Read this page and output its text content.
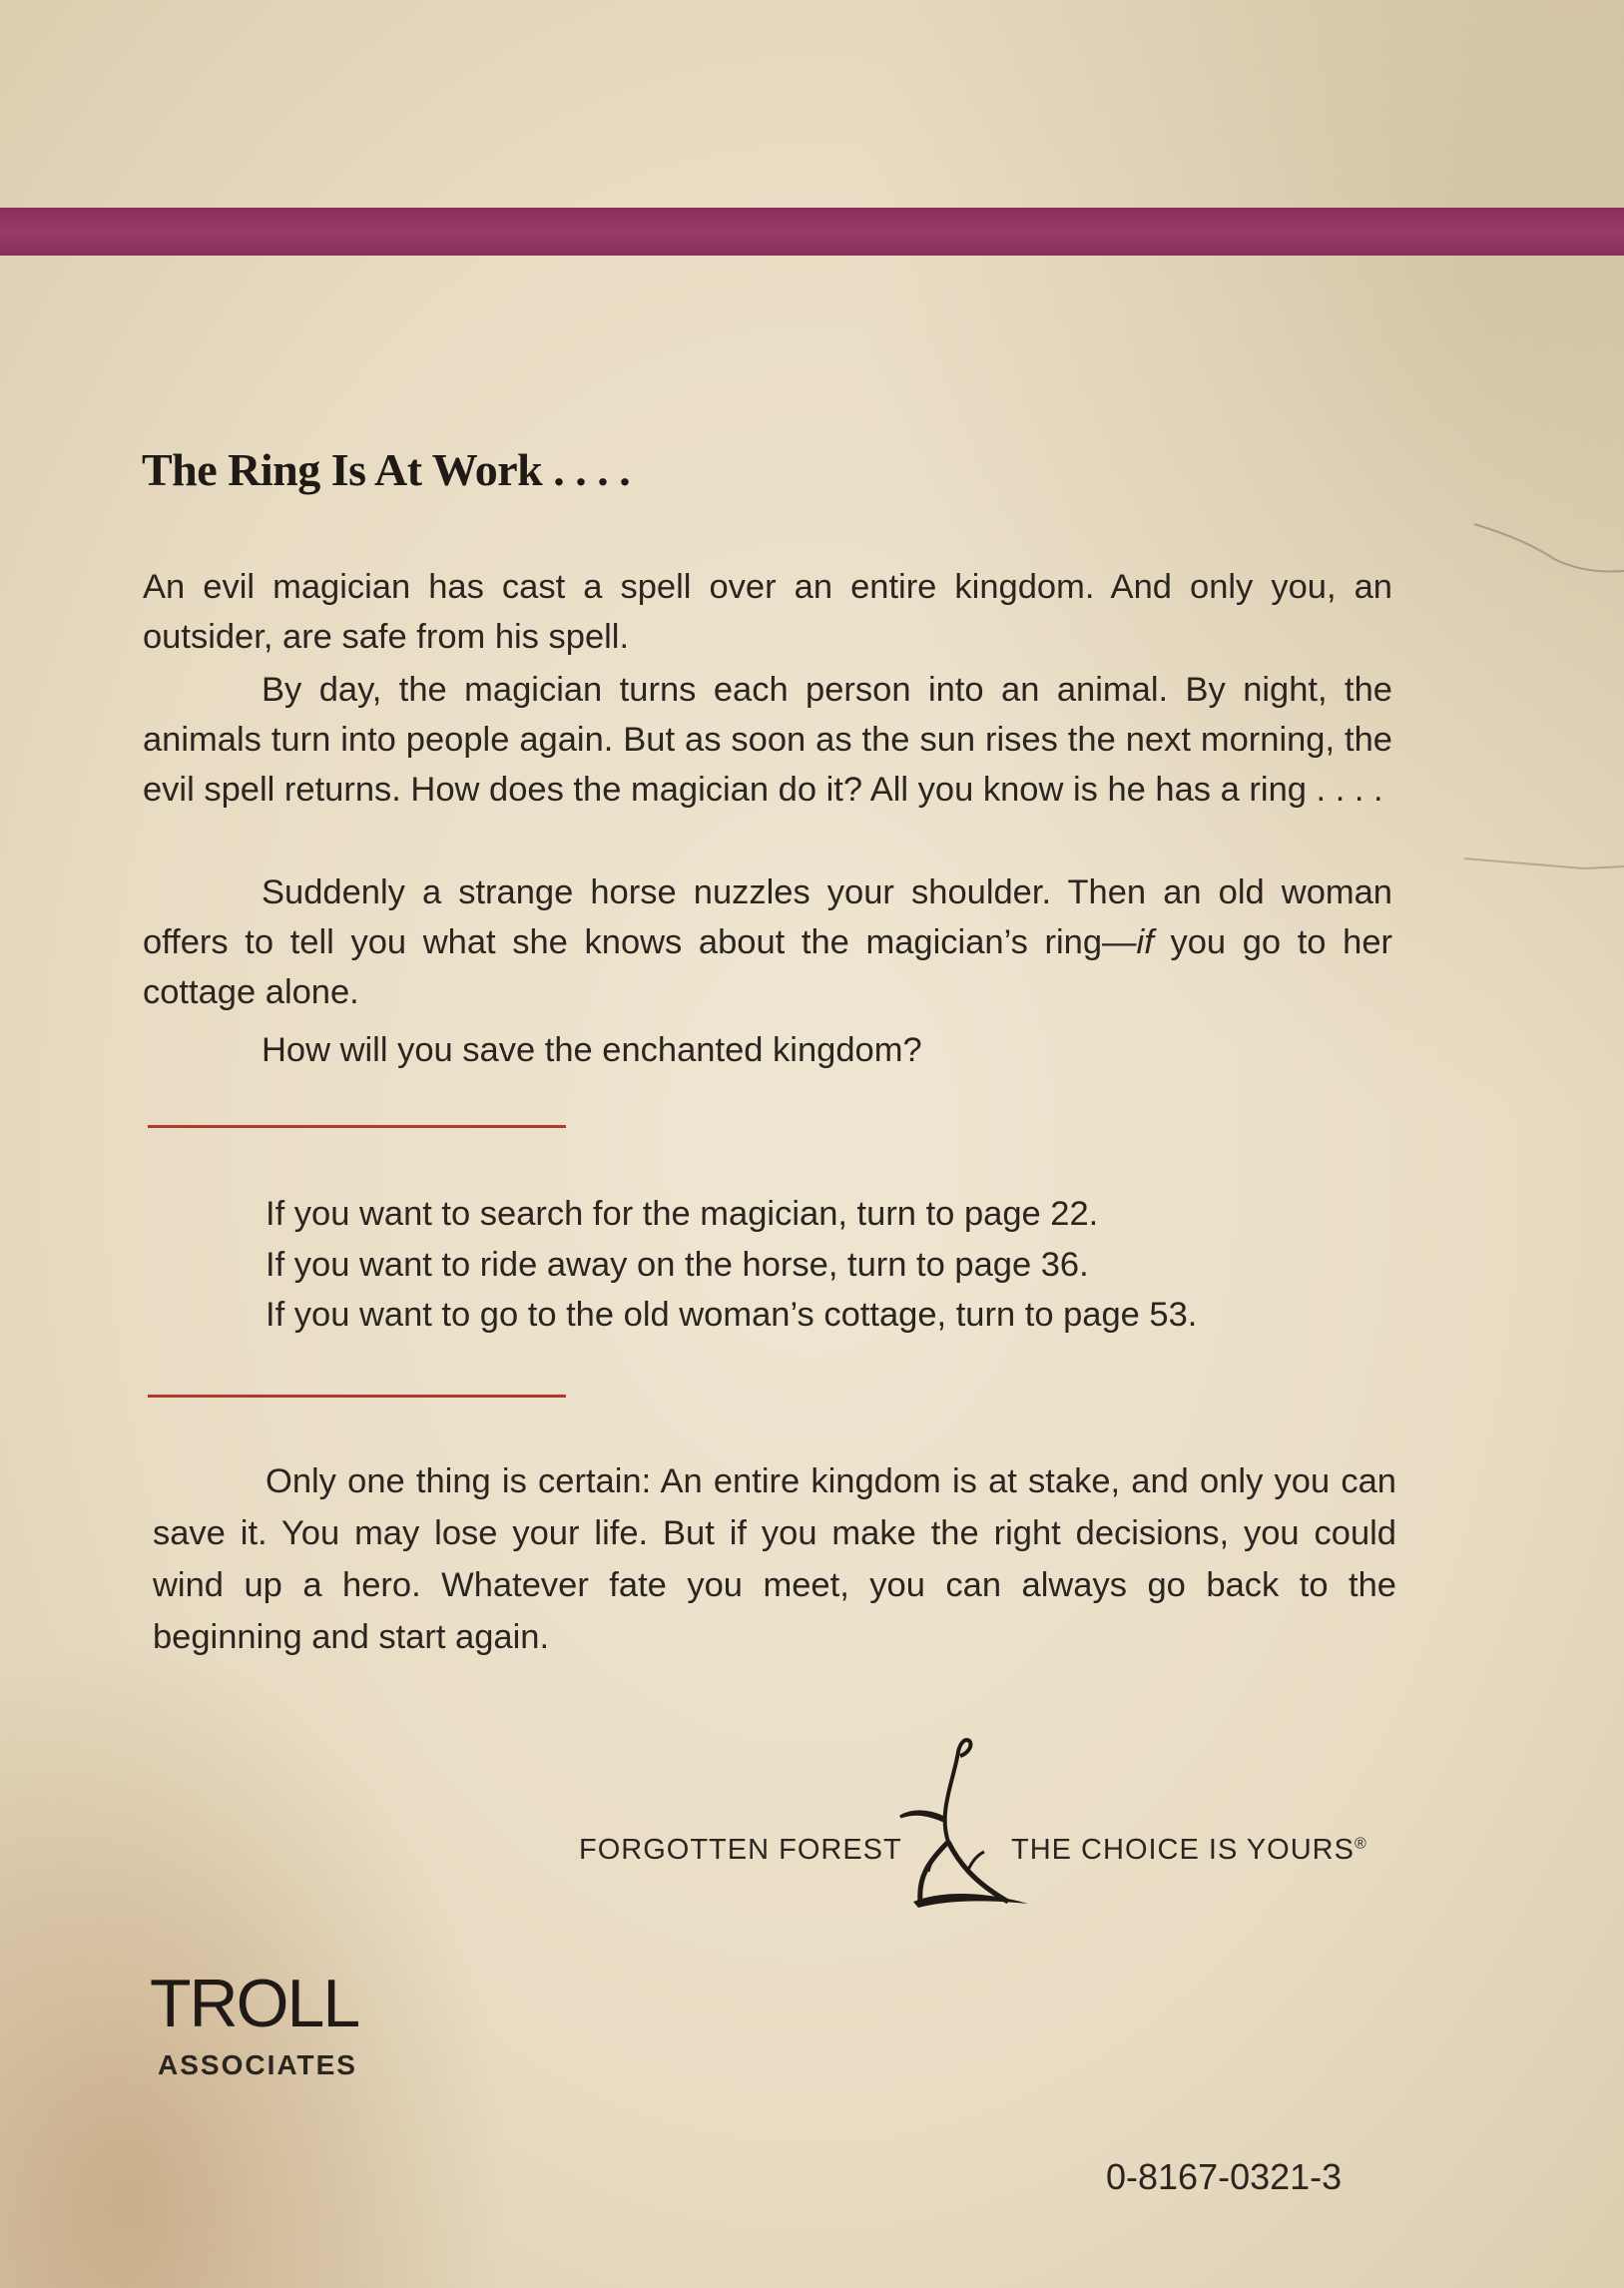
The Ring Is At Work . . . .

An evil magician has cast a spell over an entire kingdom. And only you, an outsider, are safe from his spell.

By day, the magician turns each person into an animal. By night, the animals turn into people again. But as soon as the sun rises the next morning, the evil spell returns. How does the magician do it? All you know is he has a ring . . . .

Suddenly a strange horse nuzzles your shoulder. Then an old woman offers to tell you what she knows about the magician’s ring—if you go to her cottage alone.

How will you save the enchanted kingdom?

If you want to search for the magician, turn to page 22.
If you want to ride away on the horse, turn to page 36.
If you want to go to the old woman’s cottage, turn to page 53.

Only one thing is certain: An entire kingdom is at stake, and only you can save it. You may lose your life. But if you make the right decisions, you could wind up a hero. Whatever fate you meet, you can always go back to the beginning and start again.

FORGOTTEN FOREST	THE CHOICE IS YOURS®
TROLL
ASSOCIATES
0-8167-0321-3
